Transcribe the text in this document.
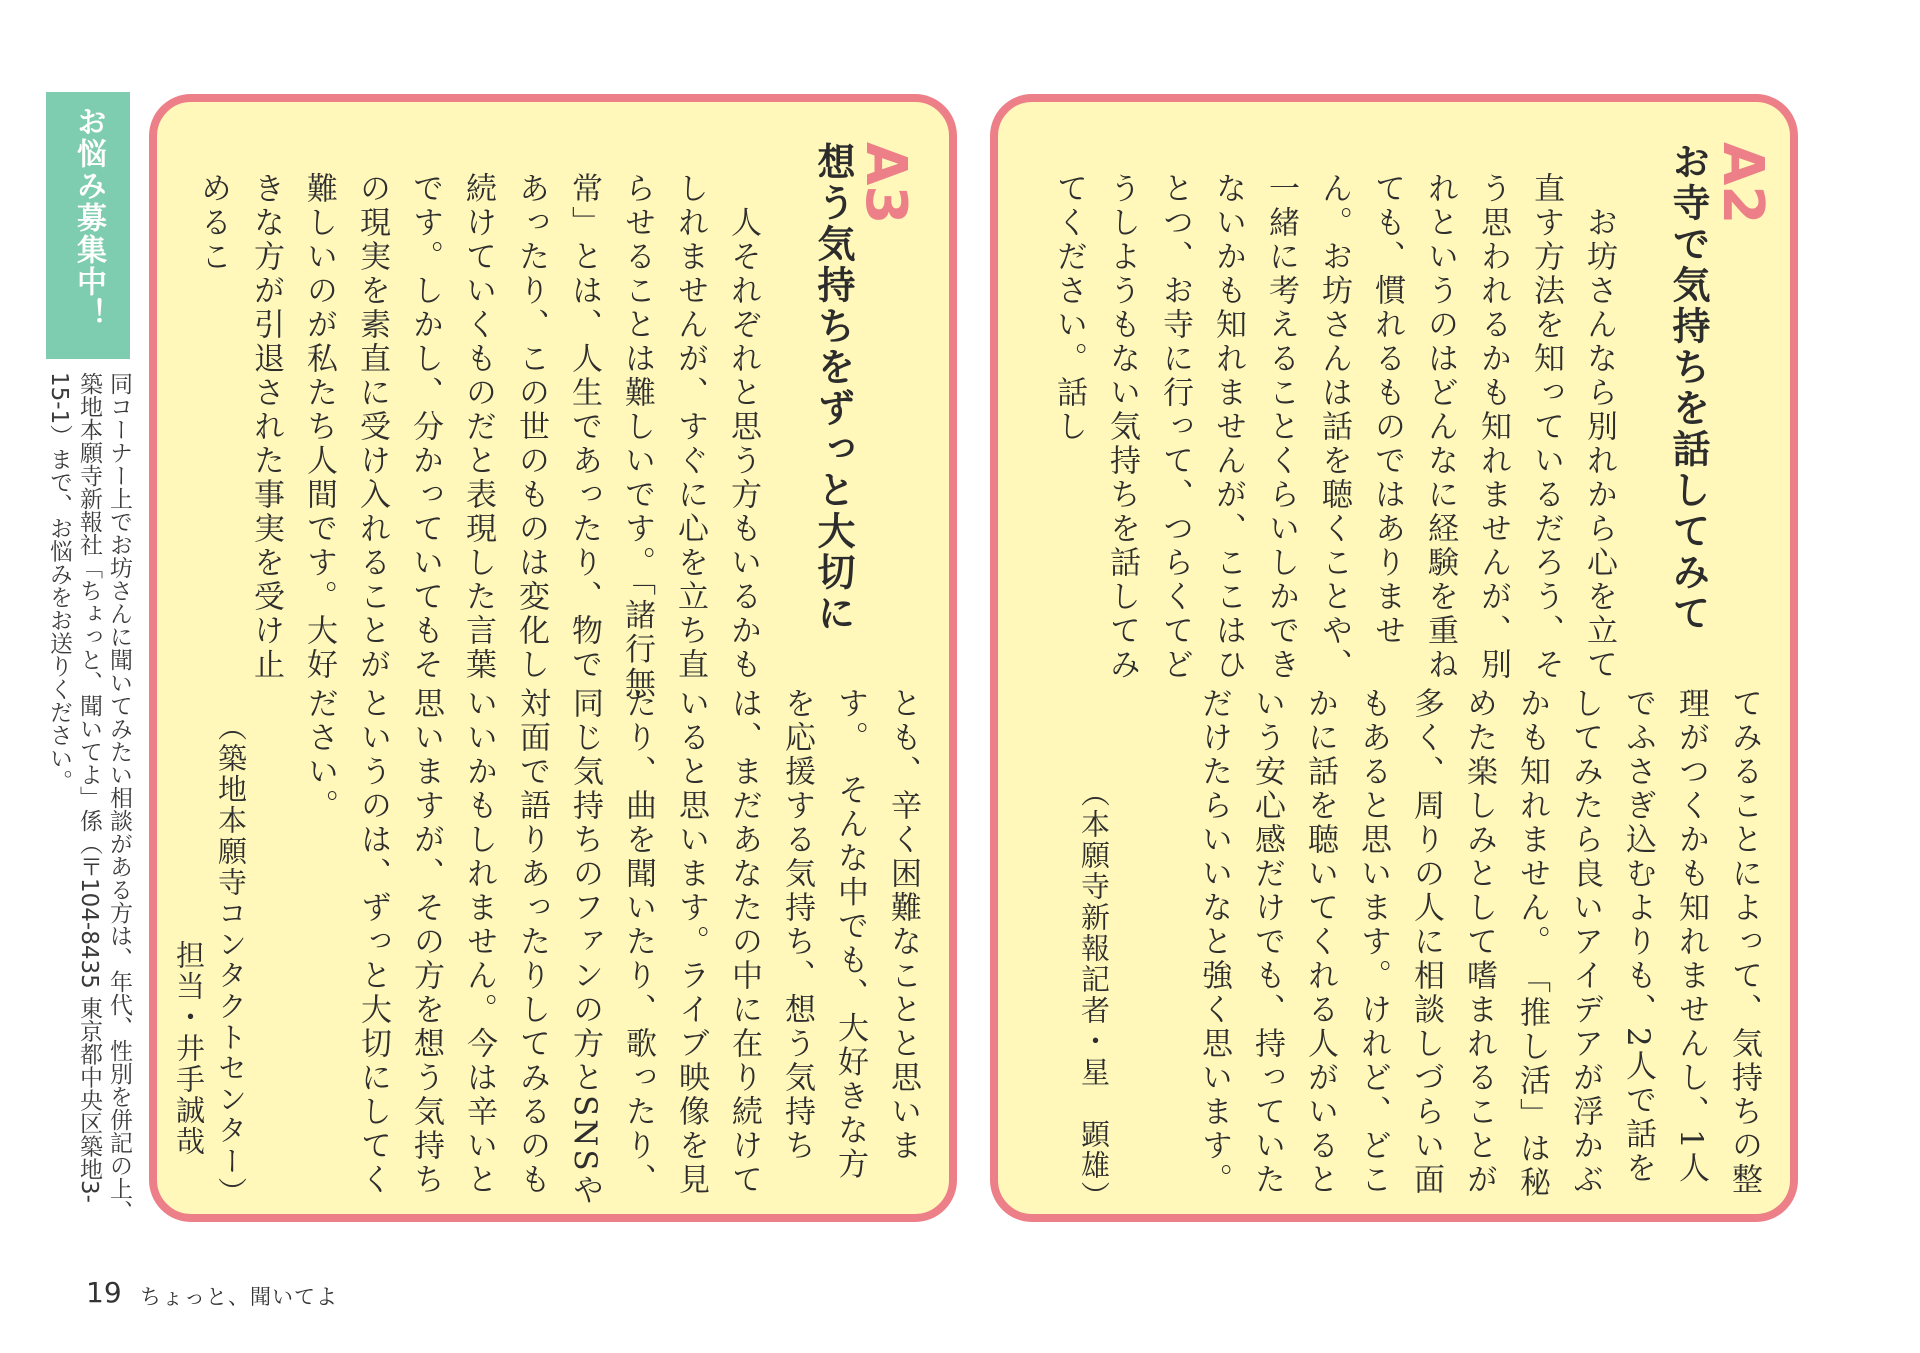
お悩み募集中！
同コーナー上でお坊さんに聞いてみたい相談がある方は、年代、性別を併記の上、築地本願寺新報社「ちょっと、聞いてよ」係（〒104-8435 東京都中央区築地3-15-1）まで、お悩みをお送りください。
A3
想う気持ちをずっと大切に
　人それぞれと思う方もいるかもしれませんが、すぐに心を立ち直らせることは難しいです。「諸行無常」とは、人生であったり、物であったり、この世のものは変化し続けていくものだと表現した言葉です。しかし、分かっていてもその現実を素直に受け入れることが難しいのが私たち人間です。大好きな方が引退された事実を受け止めるこ
とも、辛く困難なことと思います。　そんな中でも、大好きな方を応援する気持ち、想う気持ちは、まだあなたの中に在り続けていると思います。ライブ映像を見たり、曲を聞いたり、歌ったり、同じ気持ちのファンの方とSNSや対面で語りあったりしてみるのもいいかもしれません。今は辛いと思いますが、その方を想う気持ちというのは、ずっと大切にしてください。
（築地本願寺コンタクトセンター）
担当・井手誠哉
A2
お寺で気持ちを話してみて
　お坊さんなら別れから心を立て直す方法を知っているだろう、そう思われるかも知れませんが、別れというのはどんなに経験を重ねても、慣れるものではありません。お坊さんは話を聴くことや、一緒に考えることくらいしかできないかも知れませんが、ここはひとつ、お寺に行って、つらくてどうしようもない気持ちを話してみてください。話し
てみることによって、気持ちの整理がつくかも知れませんし、1人でふさぎ込むよりも、2人で話をしてみたら良いアイデアが浮かぶかも知れません。　「推し活」は秘めた楽しみとして嗜まれることが多く、周りの人に相談しづらい面もあると思います。けれど、どこかに話を聴いてくれる人がいるという安心感だけでも、持っていただけたらいいなと強く思います。
（本願寺新報記者・星　顕雄）
19 ちょっと、聞いてよ
